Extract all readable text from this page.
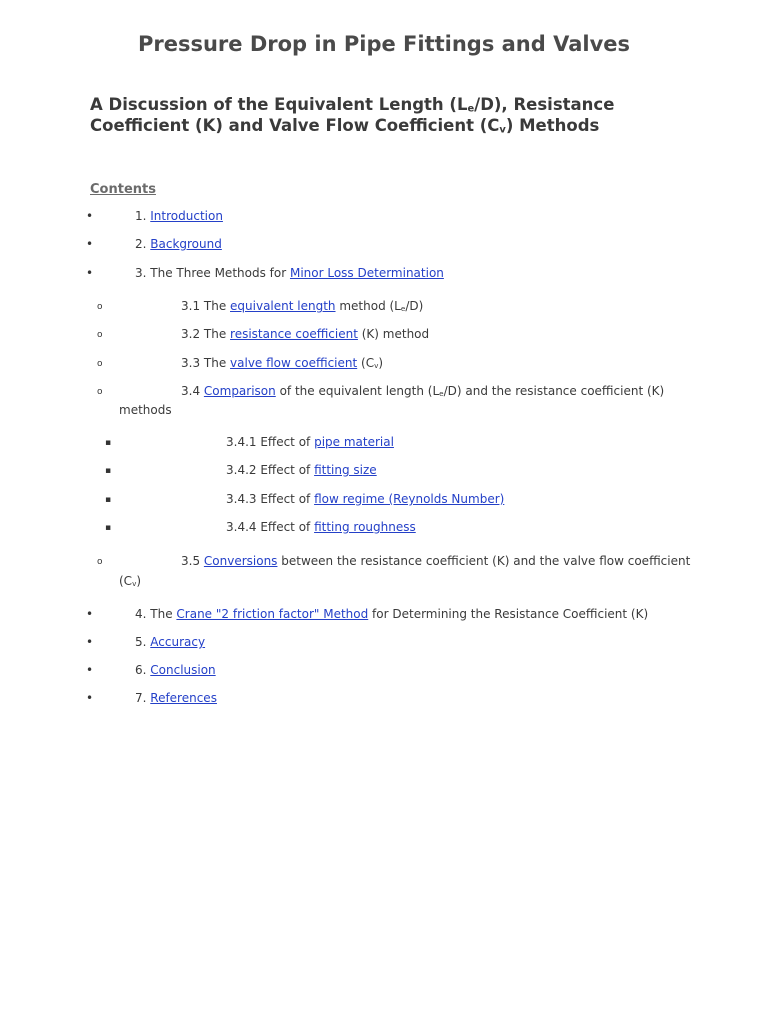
Pressure Drop in Pipe Fittings and Valves
A Discussion of the Equivalent Length $(L_e/D)$, Resistance Coefficient (K) and Valve Flow Coefficient $(C_v)$ Methods
Contents
•	1. Introduction
•	2. Background
•	3. The Three Methods for Minor Loss Determination
o	3.1 The equivalent length method $(L_e/D)$
o	3.2 The resistance coefficient (K) method
o	3.3 The valve flow coefficient $(C_v)$
o	3.4 Comparison of the equivalent length $(L_e/D)$ and the resistance coefficient (K)
methods
▪	3.4.1 Effect of pipe material
▪	3.4.2 Effect of fitting size
▪	3.4.3 Effect of flow regime (Reynolds Number)
▪	3.4.4 Effect of fitting roughness
o	3.5 Conversions between the resistance coefficient (K) and the valve flow coefficient
$(C_v)$
•	4. The Crane "2 friction factor" Method for Determining the Resistance Coefficient (K)
•	5. Accuracy
•	6. Conclusion
•	7. References
